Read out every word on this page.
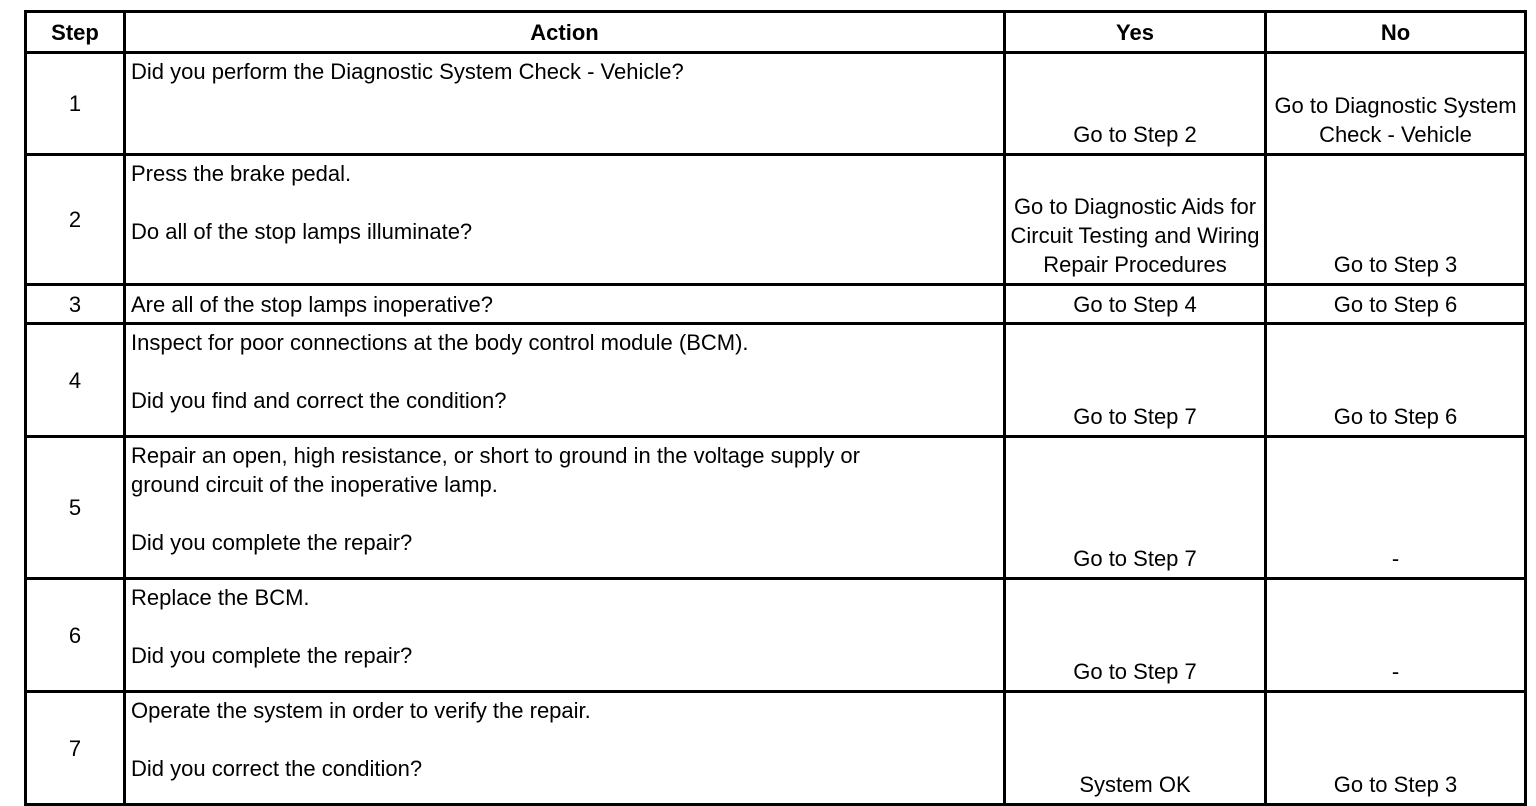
Step	Action	Yes	No
1	Did you perform the Diagnostic System Check - Vehicle?	Go to Step 2	Go to Diagnostic System Check - Vehicle
2	Press the brake pedal.
Do all of the stop lamps illuminate?	Go to Diagnostic Aids for Circuit Testing and Wiring Repair Procedures	Go to Step 3
3	Are all of the stop lamps inoperative?	Go to Step 4	Go to Step 6
4	Inspect for poor connections at the body control module (BCM).
Did you find and correct the condition?	Go to Step 7	Go to Step 6
5	Repair an open, high resistance, or short to ground in the voltage supply or
ground circuit of the inoperative lamp.
Did you complete the repair?	Go to Step 7	-
6	Replace the BCM.
Did you complete the repair?	Go to Step 7	-
7	Operate the system in order to verify the repair.
Did you correct the condition?	System OK	Go to Step 3
